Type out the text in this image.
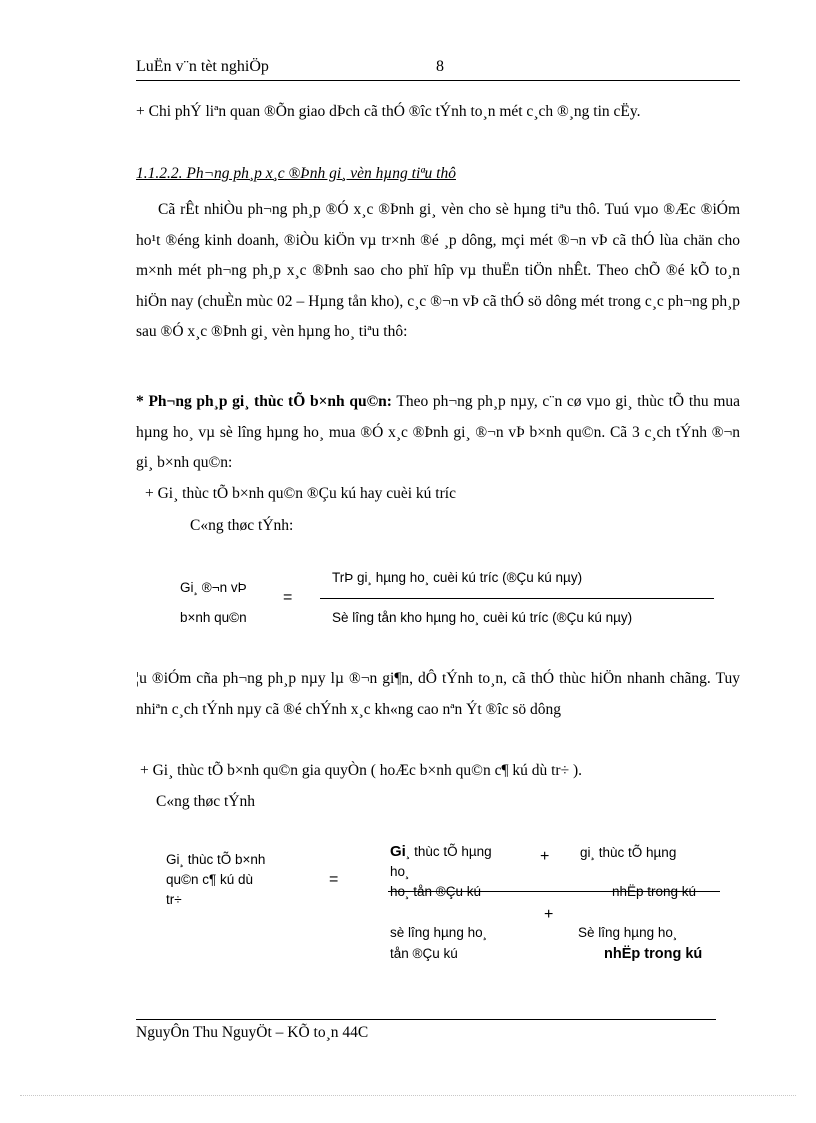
LuËn v¨n tèt nghiÖp	8
+ Chi phÝ liªn quan ®Õn giao dÞch cã thÓ ®îc tÝnh to¸n mét c¸ch ®¸ng tin cËy.
1.1.2.2. Ph¬ng ph¸p x¸c ®Þnh gi¸ vèn hµng tiªu thô
Cã rÊt nhiÒu ph¬ng ph¸p ®Ó x¸c ®Þnh gi¸ vèn cho sè hµng tiªu thô. Tuú vµo ®Æc ®iÓm ho¹t ®éng kinh doanh, ®iÒu kiÖn vµ tr×nh ®é ¸p dông, mçi mét ®¬n vÞ cã thÓ lùa chän cho m×nh mét ph¬ng ph¸p x¸c ®Þnh sao cho phï hîp vµ thuËn tiÖn nhÊt. Theo chÕ ®é kÕ to¸n hiÖn nay (chuÈn mùc 02 – Hµng tån kho), c¸c ®¬n vÞ cã thÓ sö dông mét trong c¸c ph¬ng ph¸p sau ®Ó x¸c ®Þnh gi¸ vèn hµng ho¸ tiªu thô:
* Ph¬ng ph¸p gi¸ thùc tÕ b×nh qu©n: Theo ph¬ng ph¸p nµy, c¨n cø vµo gi¸ thùc tÕ thu mua hµng ho¸ vµ sè lîng hµng ho¸ mua ®Ó x¸c ®Þnh gi¸ ®¬n vÞ b×nh qu©n. Cã 3 c¸ch tÝnh ®¬n gi¸ b×nh qu©n:
+ Gi¸ thùc tÕ b×nh qu©n ®Çu kú hay cuèi kú tríc
C«ng thøc tÝnh:
Gi¸ ®¬n vÞ
b×nh qu©n
=
TrÞ gi¸ hµng ho¸ cuèi kú tríc (®Çu kú nµy)
Sè lîng tån kho hµng ho¸ cuèi kú tríc (®Çu kú nµy)
¦u ®iÓm cña ph¬ng ph¸p nµy lµ ®¬n gi¶n, dÔ tÝnh to¸n, cã thÓ thùc hiÖn nhanh chãng. Tuy nhiªn c¸ch tÝnh nµy cã ®é chÝnh x¸c kh«ng cao nªn Ýt ®îc sö dông
+ Gi¸ thùc tÕ b×nh qu©n gia quyÒn ( hoÆc b×nh qu©n c¶ kú dù tr÷ ).
C«ng thøc tÝnh
Gi¸ thùc tÕ b×nh
qu©n c¶ kú dù
tr÷
=
Gi¸ thùc tÕ hµng
ho¸
ho¸ tån ®Çu kú
+ gi¸ thùc tÕ hµng
nhËp trong kú
+
sè lîng hµng ho¸
tån ®Çu kú
Sè lîng hµng ho¸
nhËp trong kú
NguyÔn Thu NguyÖt – KÕ to¸n 44C
